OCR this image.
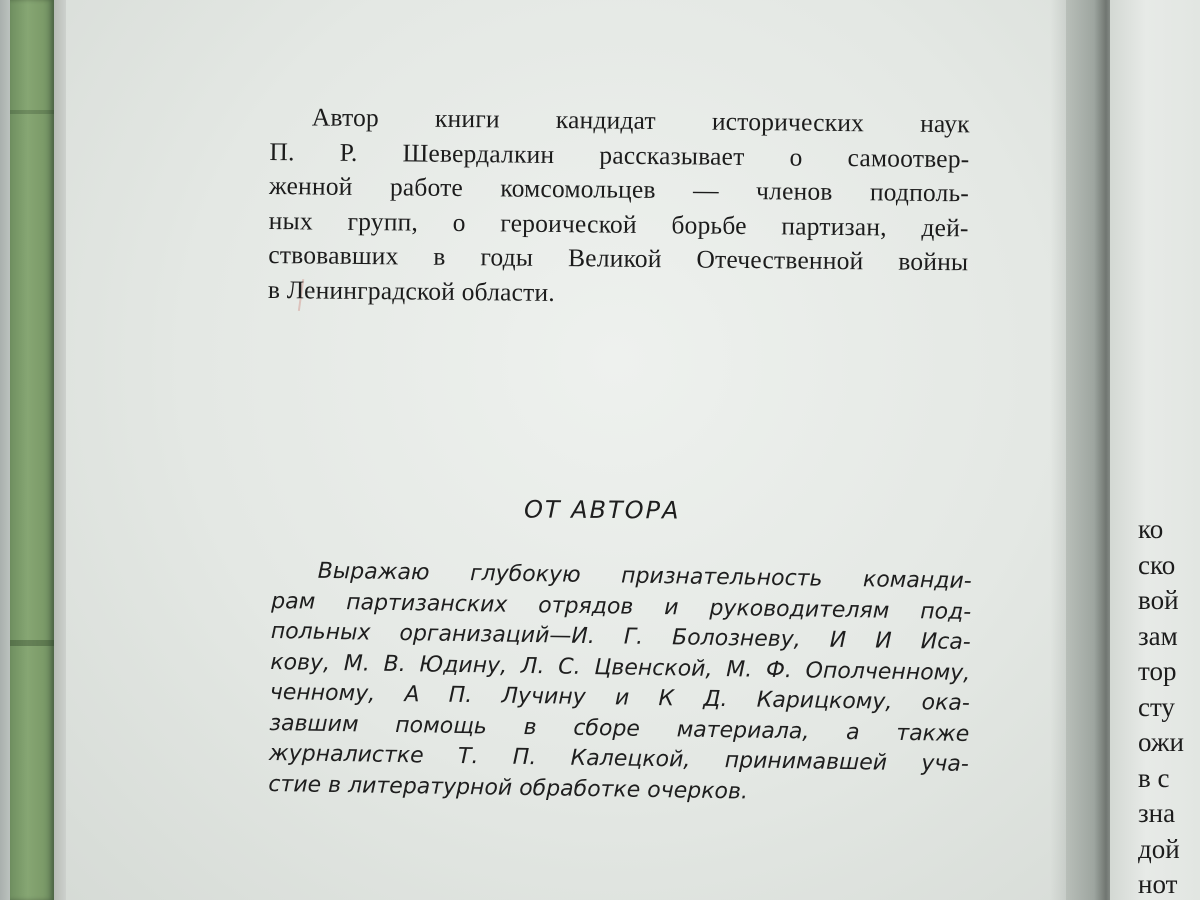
Автор книги кандидат исторических наук
П. Р. Шевердалкин рассказывает о самоотвер-
женной работе комсомольцев — членов подполь-
ных групп, о героической борьбе партизан, дей-
ствовавших в годы Великой Отечественной войны
в Ленинградской области.
ОТ АВТОРА
Выражаю глубокую признательность команди-
рам партизанских отрядов и руководителям под-
польных организаций—И. Г. Болозневу, И И Иса-
кову, М. В. Юдину, Л. С. Цвенской, М. Ф. Ополченному,
ченному, А П. Лучину и К Д. Карицкому, ока-
завшим помощь в сборе материала, а также
журналистке Т. П. Калецкой, принимавшей уча-
стие в литературной обработке очерков.
ко
ско
вой
зам
тор
сту
ожи
в с
зна
дой
нот
